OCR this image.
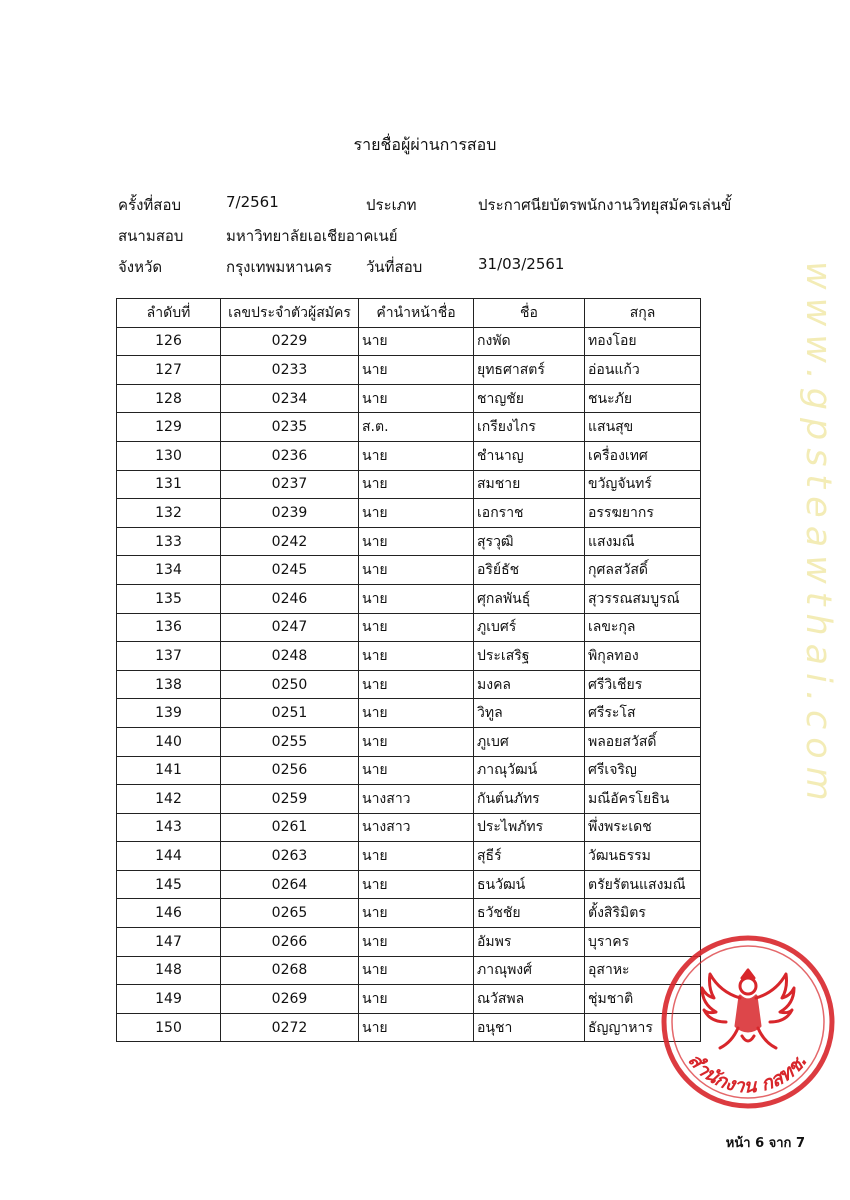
รายชื่อผู้ผ่านการสอบ
ครั้งที่สอบ	7/2561	ประเภท	ประกาศนียบัตรพนักงานวิทยุสมัครเล่นขั้
สนามสอบ	มหาวิทยาลัยเอเชียอาคเนย์
จังหวัด	กรุงเทพมหานคร วันที่สอบ	31/03/2561
ลำดับที่	เลขประจำตัวผู้สมัคร	คำนำหน้าชื่อ	ชื่อ	สกุล
126	0229	นาย	กงพัด	ทองโอย
127	0233	นาย	ยุทธศาสตร์	อ่อนแก้ว
128	0234	นาย	ชาญชัย	ชนะภัย
129	0235	ส.ต.	เกรียงไกร	แสนสุข
130	0236	นาย	ชำนาญ	เครื่องเทศ
131	0237	นาย	สมชาย	ขวัญจันทร์
132	0239	นาย	เอกราช	อรรฆยากร
133	0242	นาย	สุรวุฒิ	แสงมณี
134	0245	นาย	อริย์ธัช	กุศลสวัสดิ์
135	0246	นาย	ศุกลพันธุ์	สุวรรณสมบูรณ์
136	0247	นาย	ภูเบศร์	เลขะกุล
137	0248	นาย	ประเสริฐ	พิกุลทอง
138	0250	นาย	มงคล	ศรีวิเชียร
139	0251	นาย	วิทูล	ศรีระโส
140	0255	นาย	ภูเบศ	พลอยสวัสดิ์
141	0256	นาย	ภาณุวัฒน์	ศรีเจริญ
142	0259	นางสาว	กันต์นภัทร	มณีอัครโยธิน
143	0261	นางสาว	ประไพภัทร	พึ่งพระเดช
144	0263	นาย	สุธีร์	วัฒนธรรม
145	0264	นาย	ธนวัฒน์	ตรัยรัตนแสงมณี
146	0265	นาย	ธวัชชัย	ตั้งสิริมิตร
147	0266	นาย	อัมพร	บุราคร
148	0268	นาย	ภาณุพงศ์	อุสาหะ
149	0269	นาย	ณวัสพล	ชุ่มชาติ
150	0272	นาย	อนุชา	ธัญญาหาร
www.gpsteawthai.com
สำนักงาน กสทช.
หน้า 6 จาก 7
